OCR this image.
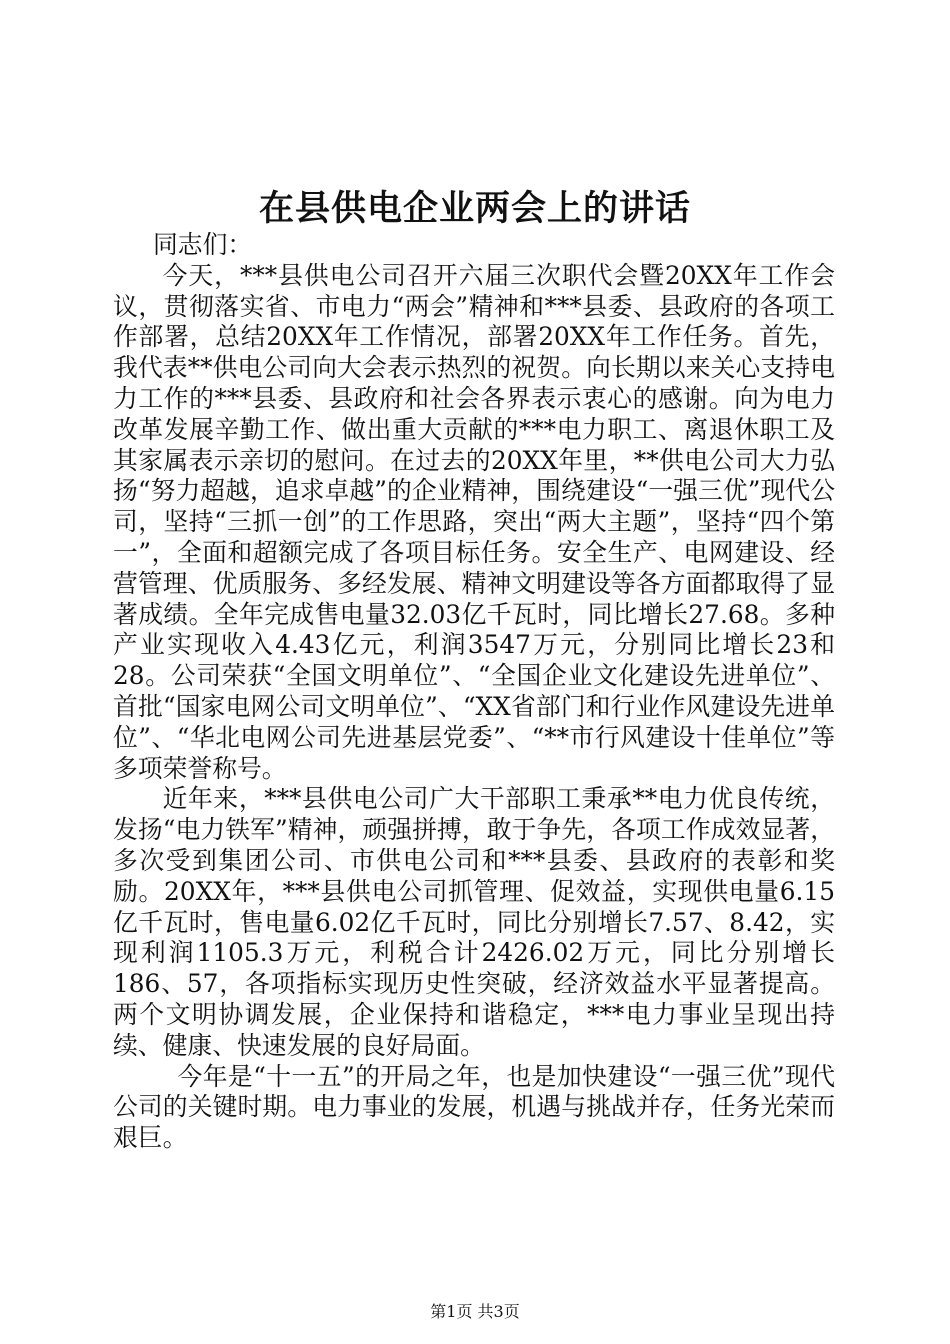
在县供电企业两会上的讲话
同志们：

今天，***县供电公司召开六届三次职代会暨20XX年工作会议，贯彻落实省、市电力“两会”精神和***县委、县政府的各项工作部署，总结20XX年工作情况，部署20XX年工作任务。首先，我代表**供电公司向大会表示热烈的祝贺。向长期以来关心支持电力工作的***县委、县政府和社会各界表示衷心的感谢。向为电力改革发展辛勤工作、做出重大贡献的***电力职工、离退休职工及其家属表示亲切的慰问。在过去的20XX年里，**供电公司大力弘扬“努力超越，追求卓越”的企业精神，围绕建设“一强三优”现代公司，坚持“三抓一创”的工作思路，突出“两大主题”，坚持“四个第一”，全面和超额完成了各项目标任务。安全生产、电网建设、经营管理、优质服务、多经发展、精神文明建设等各方面都取得了显著成绩。全年完成售电量32.03亿千瓦时，同比增长27.68。多种产业实现收入4.43亿元，利润3547万元，分别同比增长23和28。公司荣获“全国文明单位”、“全国企业文化建设先进单位”、首批“国家电网公司文明单位”、“XX省部门和行业作风建设先进单位”、“华北电网公司先进基层党委”、“**市行风建设十佳单位”等多项荣誉称号。

近年来，***县供电公司广大干部职工秉承**电力优良传统，发扬“电力铁军”精神，顽强拼搏，敢于争先，各项工作成效显著，多次受到集团公司、市供电公司和***县委、县政府的表彰和奖励。20XX年，***县供电公司抓管理、促效益，实现供电量6.15亿千瓦时，售电量6.02亿千瓦时，同比分别增长7.57、8.42，实现利润1105.3万元，利税合计2426.02万元，同比分别增长186、57，各项指标实现历史性突破，经济效益水平显著提高。两个文明协调发展，企业保持和谐稳定，***电力事业呈现出持续、健康、快速发展的良好局面。

今年是“十一五”的开局之年，也是加快建设“一强三优”现代公司的关键时期。电力事业的发展，机遇与挑战并存，任务光荣而艰巨。

第1页 共3页
